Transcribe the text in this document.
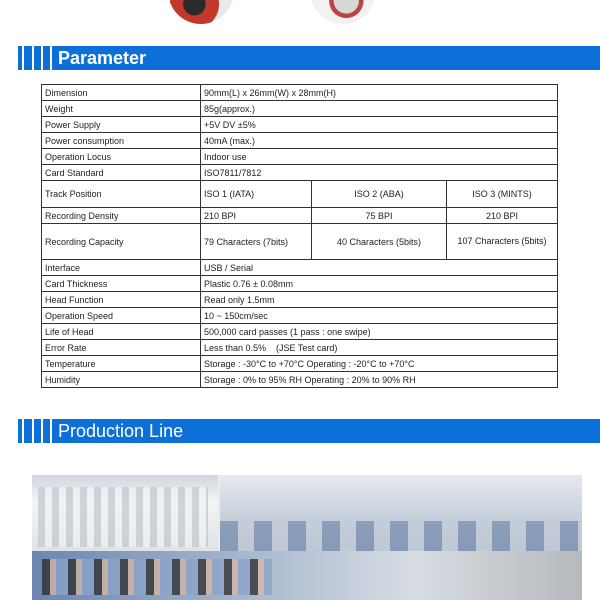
Parameter
Dimension	90mm(L) x 26mm(W) x 28mm(H)		
Weight	85g(approx.)		
Power Supply	+5V DV ±5%		
Power consumption	40mA (max.)		
Operation Locus	Indoor use		
Card Standard	ISO7811/7812		
Track Position	ISO 1 (IATA)	ISO 2 (ABA)	ISO 3 (MINTS)
Recording Density	210 BPI	75 BPI	210 BPI
Recording Capacity	79 Characters (7bits)	40 Characters (5bits)	107 Characters (5bits)
Interface	USB / Serial		
Card Thickness	Plastic 0.76 ± 0.08mm		
Head Function	Read only 1.5mm		
Operation Speed	10 ~ 150cm/sec		
Life of Head	500,000 card passes (1 pass : one swipe)		
Error Rate	Less than 0.5%    (JSE Test card)		
Temperature	Storage : -30°C to +70°C Operating : -20°C to +70°C		
Humidity	Storage : 0% to 95% RH Operating : 20% to 90% RH		
Production Line
